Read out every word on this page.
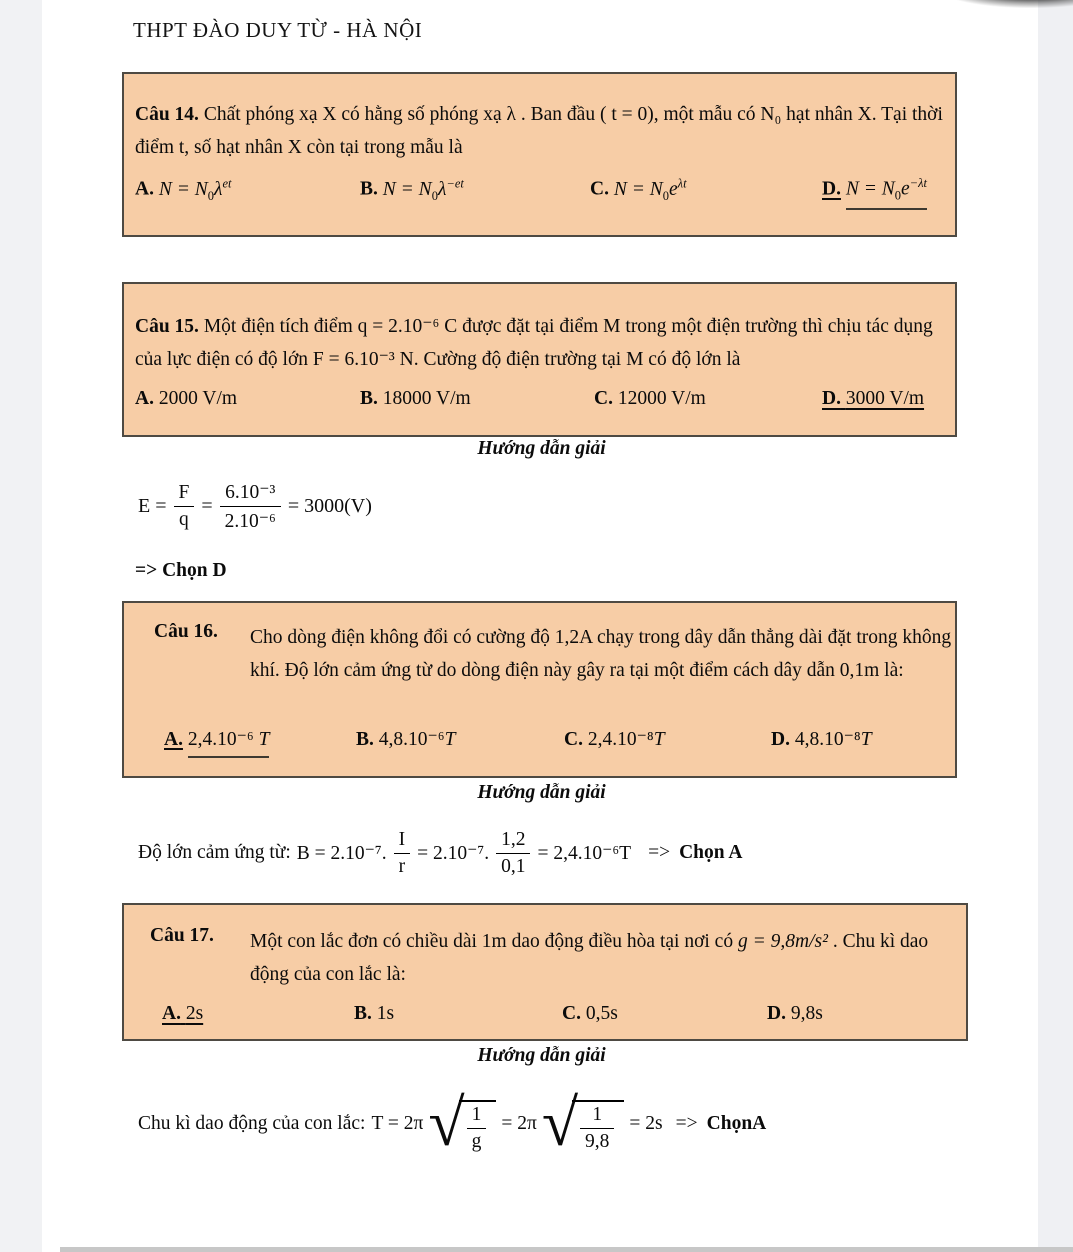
THPT ĐÀO DUY TỪ - HÀ NỘI
Câu 14. Chất phóng xạ X có hằng số phóng xạ λ . Ban đầu ( t = 0), một mẫu có N₀ hạt nhân X. Tại thời điểm t, số hạt nhân X còn tại trong mẫu là
A. $N = N_0\lambda^{et}$	B. $N = N_0\lambda^{-et}$	C. $N = N_0e^{\lambda t}$	D. $N = N_0e^{-\lambda t}$
Câu 15. Một điện tích điểm q = 2.10⁻⁶ C được đặt tại điểm M trong một điện trường thì chịu tác dụng của lực điện có độ lớn F = 6.10⁻³ N. Cường độ điện trường tại M có độ lớn là
A. 2000 V/m	B. 18000 V/m	C. 12000 V/m	D. 3000 V/m
Hướng dẫn giải
$E = \frac{F}{q} = \frac{\text{6.10⁻³}}{\text{2.10⁻⁶}} = 3000(V)$
=> Chọn D
Câu 16. Cho dòng điện không đổi có cường độ 1,2A chạy trong dây dẫn thẳng dài đặt trong không khí. Độ lớn cảm ứng từ do dòng điện này gây ra tại một điểm cách dây dẫn 0,1m là:
A. 2,4.10⁻⁶ T	B. 4,8.10⁻⁶T	C. 2,4.10⁻⁸T	D. 4,8.10⁻⁸T
Hướng dẫn giải
Độ lớn cảm ứng từ: B = 2.10⁻⁷. $\frac{I}{r} = 2.10^{-7}$. $\frac{1,2}{0,1} = 2,4.10^{-6}T$ => Chọn A
Câu 17. Một con lắc đơn có chiều dài 1m dao động điều hòa tại nơi có g = 9,8m/s² . Chu kì dao động của con lắc là:
A. 2s	B. 1s	C. 0,5s	D. 9,8s
Hướng dẫn giải
Chu kì dao động của con lắc: T = 2π √ $\frac{1}{g} = 2\pi$ √ $\frac{1}{9,8} = 2s$ => ChọnA
